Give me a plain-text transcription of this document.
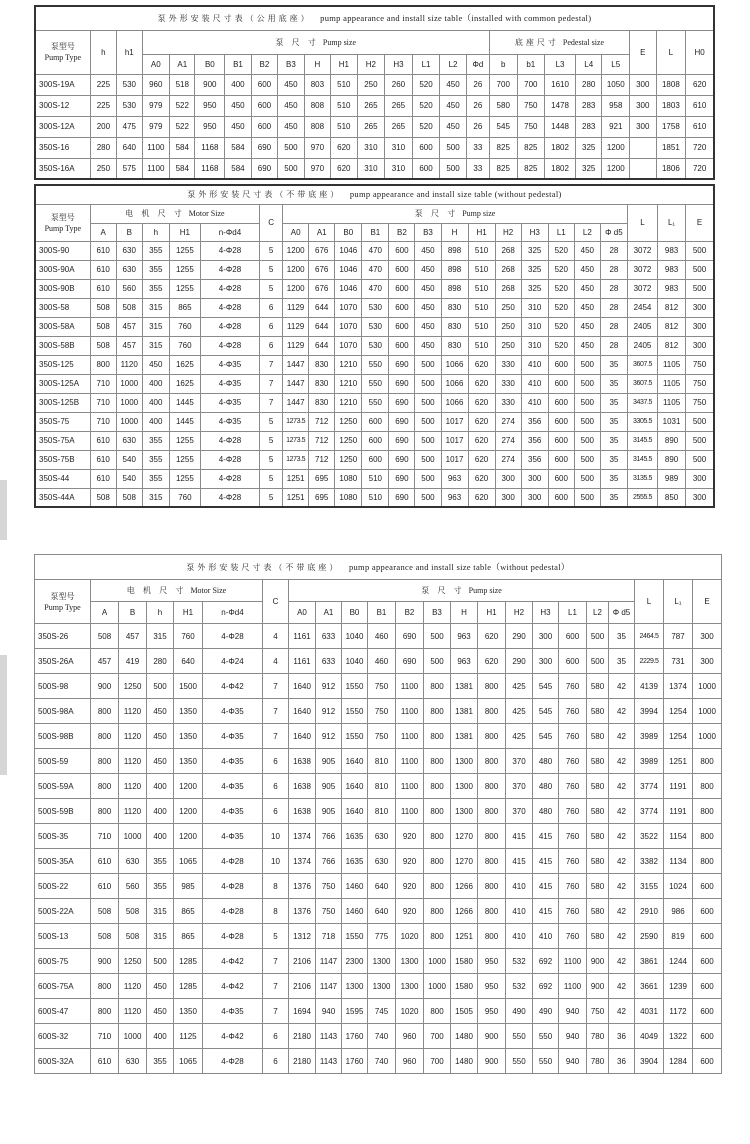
泵外形安装尺寸表（公用底座） pump appearance and install size table（installed with common pedestal)																							

泵型号
Pump Type	h	h1	泵 尺 寸 Pump size													底座尺寸 Pedestal size					E	L	H0
			A0	A1	B0	B1	B2	B3	H	H1	H2	H3	L1	L2	Φd	b	b1	L3	L4	L5			
300S-19A	225	530	960	518	900	400	600	450	803	510	250	260	520	450	26	700	700	1610	280	1050	300	1808	620
300S-12	225	530	979	522	950	450	600	450	808	510	265	265	520	450	26	580	750	1478	283	958	300	1803	610
300S-12A	200	475	979	522	950	450	600	450	808	510	265	265	520	450	26	545	750	1448	283	921	300	1758	610
350S-16	280	640	1100	584	1168	584	690	500	970	620	310	310	600	500	33	825	825	1802	325	1200		1851	720
350S-16A	250	575	1100	584	1168	584	690	500	970	620	310	310	600	500	33	825	825	1802	325	1200		1806	720
泵外形安装尺寸表（不带底座） pump appearance and install size table (without pedestal)																						

泵型号
Pump Type	电 机 尺 寸 Motor Size					C	泵 尺 寸 Pump size													L	L₁	E
	A	B	h	H1	n-Φd4		A0	A1	B0	B1	B2	B3	H	H1	H2	H3	L1	L2	Φ d5			
300S-90	610	630	355	1255	4-Φ28	5	1200	676	1046	470	600	450	898	510	268	325	520	450	28	3072	983	500
300S-90A	610	630	355	1255	4-Φ28	5	1200	676	1046	470	600	450	898	510	268	325	520	450	28	3072	983	500
300S-90B	610	560	355	1255	4-Φ28	5	1200	676	1046	470	600	450	898	510	268	325	520	450	28	3072	983	500
300S-58	508	508	315	865	4-Φ28	6	1129	644	1070	530	600	450	830	510	250	310	520	450	28	2454	812	300
300S-58A	508	457	315	760	4-Φ28	6	1129	644	1070	530	600	450	830	510	250	310	520	450	28	2405	812	300
300S-58B	508	457	315	760	4-Φ28	6	1129	644	1070	530	600	450	830	510	250	310	520	450	28	2405	812	300
350S-125	800	1120	450	1625	4-Φ35	7	1447	830	1210	550	690	500	1066	620	330	410	600	500	35	3607.5	1105	750
300S-125A	710	1000	400	1625	4-Φ35	7	1447	830	1210	550	690	500	1066	620	330	410	600	500	35	3607.5	1105	750
300S-125B	710	1000	400	1445	4-Φ35	7	1447	830	1210	550	690	500	1066	620	330	410	600	500	35	3437.5	1105	750
350S-75	710	1000	400	1445	4-Φ35	5	1273.5	712	1250	600	690	500	1017	620	274	356	600	500	35	3305.5	1031	500
350S-75A	610	630	355	1255	4-Φ28	5	1273.5	712	1250	600	690	500	1017	620	274	356	600	500	35	3145.5	890	500
350S-75B	610	540	355	1255	4-Φ28	5	1273.5	712	1250	600	690	500	1017	620	274	356	600	500	35	3145.5	890	500
350S-44	610	540	355	1255	4-Φ28	5	1251	695	1080	510	690	500	963	620	300	300	600	500	35	3135.5	989	300
350S-44A	508	508	315	760	4-Φ28	5	1251	695	1080	510	690	500	963	620	300	300	600	500	35	2555.5	850	300
泵外形安装尺寸表（不带底座） pump appearance and install size table（without pedestal）																						

泵型号
Pump Type	电 机 尺 寸 Motor Size					C	泵 尺 寸 Pump size													L	L₁	E
	A	B	h	H1	n-Φd4		A0	A1	B0	B1	B2	B3	H	H1	H2	H3	L1	L2	Φ d5			
350S-26	508	457	315	760	4-Φ28	4	1161	633	1040	460	690	500	963	620	290	300	600	500	35	2464.5	787	300
350S-26A	457	419	280	640	4-Φ24	4	1161	633	1040	460	690	500	963	620	290	300	600	500	35	2229.5	731	300
500S-98	900	1250	500	1500	4-Φ42	7	1640	912	1550	750	1100	800	1381	800	425	545	760	580	42	4139	1374	1000
500S-98A	800	1120	450	1350	4-Φ35	7	1640	912	1550	750	1100	800	1381	800	425	545	760	580	42	3994	1254	1000
500S-98B	800	1120	450	1350	4-Φ35	7	1640	912	1550	750	1100	800	1381	800	425	545	760	580	42	3989	1254	1000
500S-59	800	1120	450	1350	4-Φ35	6	1638	905	1640	810	1100	800	1300	800	370	480	760	580	42	3989	1251	800
500S-59A	800	1120	400	1200	4-Φ35	6	1638	905	1640	810	1100	800	1300	800	370	480	760	580	42	3774	1191	800
500S-59B	800	1120	400	1200	4-Φ35	6	1638	905	1640	810	1100	800	1300	800	370	480	760	580	42	3774	1191	800
500S-35	710	1000	400	1200	4-Φ35	10	1374	766	1635	630	920	800	1270	800	415	415	760	580	42	3522	1154	800
500S-35A	610	630	355	1065	4-Φ28	10	1374	766	1635	630	920	800	1270	800	415	415	760	580	42	3382	1134	800
500S-22	610	560	355	985	4-Φ28	8	1376	750	1460	640	920	800	1266	800	410	415	760	580	42	3155	1024	600
500S-22A	508	508	315	865	4-Φ28	8	1376	750	1460	640	920	800	1266	800	410	415	760	580	42	2910	986	600
500S-13	508	508	315	865	4-Φ28	5	1312	718	1550	775	1020	800	1251	800	410	410	760	580	42	2590	819	600
600S-75	900	1250	500	1285	4-Φ42	7	2106	1147	2300	1300	1300	1000	1580	950	532	692	1100	900	42	3861	1244	600
600S-75A	800	1120	450	1285	4-Φ42	7	2106	1147	1300	1300	1300	1000	1580	950	532	692	1100	900	42	3661	1239	600
600S-47	800	1120	450	1350	4-Φ35	7	1694	940	1595	745	1020	800	1505	950	490	490	940	750	42	4031	1172	600
600S-32	710	1000	400	1125	4-Φ42	6	2180	1143	1760	740	960	700	1480	900	550	550	940	780	36	4049	1322	600
600S-32A	610	630	355	1065	4-Φ28	6	2180	1143	1760	740	960	700	1480	900	550	550	940	780	36	3904	1284	600
